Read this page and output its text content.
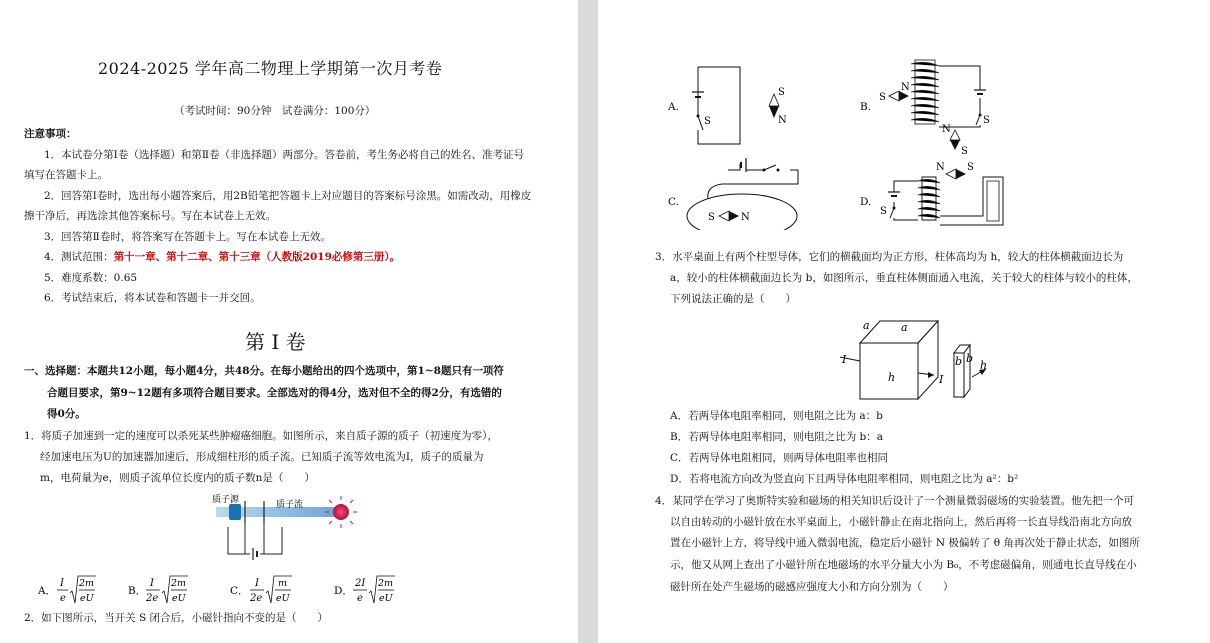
2024-2025 学年高二物理上学期第一次月考卷
（考试时间：90分钟　试卷满分：100分）
注意事项：
1．本试卷分第Ⅰ卷（选择题）和第Ⅱ卷（非选择题）两部分。答卷前，考生务必将自己的姓名、准考证号
填写在答题卡上。
2．回答第Ⅰ卷时，选出每小题答案后，用2B铅笔把答题卡上对应题目的答案标号涂黑。如需改动，用橡皮
擦干净后，再选涂其他答案标号。写在本试卷上无效。
3．回答第Ⅱ卷时，将答案写在答题卡上。写在本试卷上无效。
4．测试范围：第十一章、第十二章、第十三章（人教版2019必修第三册）。
5．难度系数：0.65
6．考试结束后，将本试卷和答题卡一并交回。
第 I 卷
一、选择题：本题共12小题，每小题4分，共48分。在每小题给出的四个选项中，第1~8题只有一项符
合题目要求，第9~12题有多项符合题目要求。全部选对的得4分，选对但不全的得2分，有选错的
得0分。
1．将质子加速到一定的速度可以杀死某些肿瘤癌细胞。如图所示，来自质子源的质子（初速度为零），
经加速电压为U的加速器加速后，形成细柱形的质子流。已知质子流等效电流为I，质子的质量为
m，电荷量为e，则质子流单位长度内的质子数n是（　　）
质子源	质子流
A．
I
e
2m
eU
B．
I
2e
2m
eU
C．
I
2e
m
eU
D．
2I
e
2m
eU
2．如下图所示，当开关 S 闭合后，小磁针指向不变的是（　　）
A.
S
S
N
B.
S
S
N
N
S
C.
S	N
D.
S
N S
3．水平桌面上有两个柱型导体，它们的横截面均为正方形，柱体高均为 h，较大的柱体横截面边长为
a，较小的柱体横截面边长为 b，如图所示，垂直柱体侧面通入电流，关于较大的柱体与较小的柱体，
下列说法正确的是（　　）
I
a
a
h	I
b b
h
A．若两导体电阻率相同，则电阻之比为 a：b
B．若两导体电阻率相同，则电阻之比为 b：a
C．若两导体电阻相同，则两导体电阻率也相同
D．若将电流方向改为竖直向下且两导体电阻率相同，则电阻之比为 a²：b²
4．某同学在学习了奥斯特实验和磁场的相关知识后设计了一个测量微弱磁场的实验装置。他先把一个可
以自由转动的小磁针放在水平桌面上，小磁针静止在南北指向上，然后再将一长直导线沿南北方向放
置在小磁针上方，将导线中通入微弱电流，稳定后小磁针 N 极偏转了 θ 角再次处于静止状态，如图所
示，他又从网上查出了小磁针所在地磁场的水平分量大小为 B₀，不考虑磁偏角，则通电长直导线在小
磁针所在处产生磁场的磁感应强度大小和方向分别为（　　）
